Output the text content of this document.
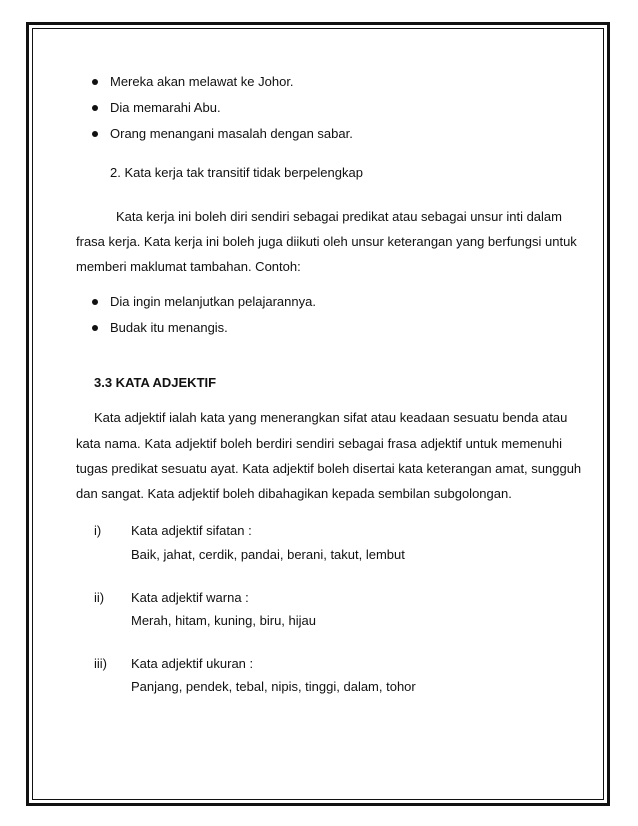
Mereka akan melawat ke Johor.
Dia memarahi Abu.
Orang menangani masalah dengan sabar.
2. Kata kerja tak transitif tidak berpelengkap
Kata kerja ini boleh diri sendiri sebagai predikat atau sebagai unsur inti dalam
frasa kerja. Kata kerja ini boleh juga diikuti oleh unsur keterangan yang berfungsi untuk
memberi maklumat tambahan. Contoh:
Dia ingin melanjutkan pelajarannya.
Budak itu menangis.
3.3 KATA ADJEKTIF
Kata adjektif ialah kata yang menerangkan sifat atau keadaan sesuatu benda atau
kata nama. Kata adjektif boleh berdiri sendiri sebagai frasa adjektif untuk memenuhi
tugas predikat sesuatu ayat. Kata adjektif boleh disertai kata keterangan amat, sungguh
dan sangat. Kata adjektif boleh dibahagikan kepada sembilan subgolongan.
i) Kata adjektif sifatan :
Baik, jahat, cerdik, pandai, berani, takut, lembut
ii) Kata adjektif warna :
Merah, hitam, kuning, biru, hijau
iii) Kata adjektif ukuran :
Panjang, pendek, tebal, nipis, tinggi, dalam, tohor
